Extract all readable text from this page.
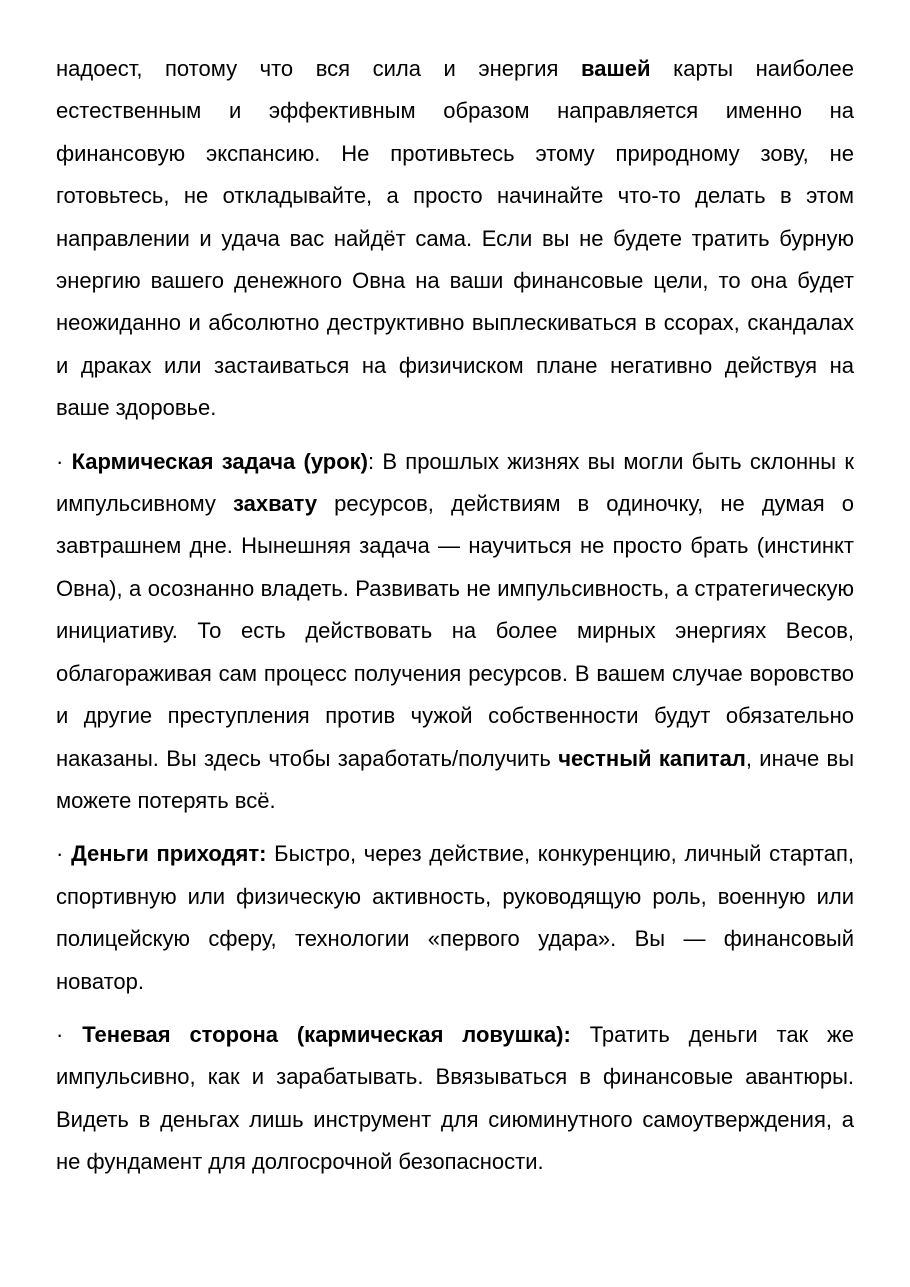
надоест, потому что вся сила и энергия вашей карты наиболее естественным и эффективным образом направляется именно на финансовую экспансию. Не противьтесь этому природному зову, не готовьтесь, не откладывайте, а просто начинайте что-то делать в этом направлении и удача вас найдёт сама. Если вы не будете тратить бурную энергию вашего денежного Овна на ваши финансовые цели, то она будет неожиданно и абсолютно деструктивно выплескиваться в ссорах, скандалах и драках или застаиваться на физичиском плане негативно действуя на ваше здоровье.

· Кармическая задача (урок): В прошлых жизнях вы могли быть склонны к импульсивному захвату ресурсов, действиям в одиночку, не думая о завтрашнем дне. Нынешняя задача — научиться не просто брать (инстинкт Овна), а осознанно владеть. Развивать не импульсивность, а стратегическую инициативу. То есть действовать на более мирных энергиях Весов, облагораживая сам процесс получения ресурсов. В вашем случае воровство и другие преступления против чужой собственности будут обязательно наказаны. Вы здесь чтобы заработать/получить честный капитал, иначе вы можете потерять всё.

· Деньги приходят: Быстро, через действие, конкуренцию, личный стартап, спортивную или физическую активность, руководящую роль, военную или полицейскую сферу, технологии «первого удара». Вы — финансовый новатор.

· Теневая сторона (кармическая ловушка): Тратить деньги так же импульсивно, как и зарабатывать. Ввязываться в финансовые авантюры. Видеть в деньгах лишь инструмент для сиюминутного самоутверждения, а не фундамент для долгосрочной безопасности.
